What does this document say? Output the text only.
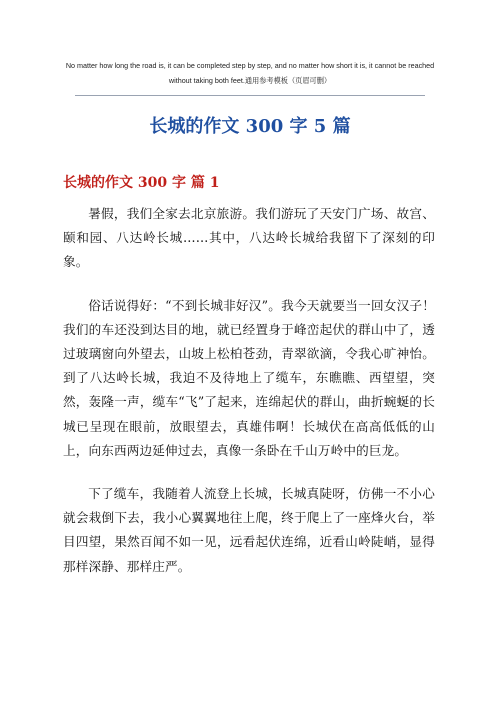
No matter how long the road is, it can be completed step by step, and no matter how short it is, it cannot be reached without taking both feet.通用参考模板（页眉可删）
长城的作文 300 字 5 篇
长城的作文 300 字 篇 1

暑假，我们全家去北京旅游。我们游玩了天安门广场、故宫、颐和园、八达岭长城……其中，八达岭长城给我留下了深刻的印象。

俗话说得好：“不到长城非好汉”。我今天就要当一回女汉子！我们的车还没到达目的地，就已经置身于峰峦起伏的群山中了，透过玻璃窗向外望去，山坡上松柏苍劲，青翠欲滴，令我心旷神怡。到了八达岭长城，我迫不及待地上了缆车，东瞧瞧、西望望，突然，轰隆一声，缆车“飞”了起来，连绵起伏的群山，曲折蜿蜒的长城已呈现在眼前，放眼望去，真雄伟啊！长城伏在高高低低的山上，向东西两边延伸过去，真像一条卧在千山万岭中的巨龙。

下了缆车，我随着人流登上长城，长城真陡呀，仿佛一不小心就会栽倒下去，我小心翼翼地往上爬，终于爬上了一座烽火台，举目四望，果然百闻不如一见，远看起伏连绵，近看山岭陡峭，显得那样深静、那样庄严。
